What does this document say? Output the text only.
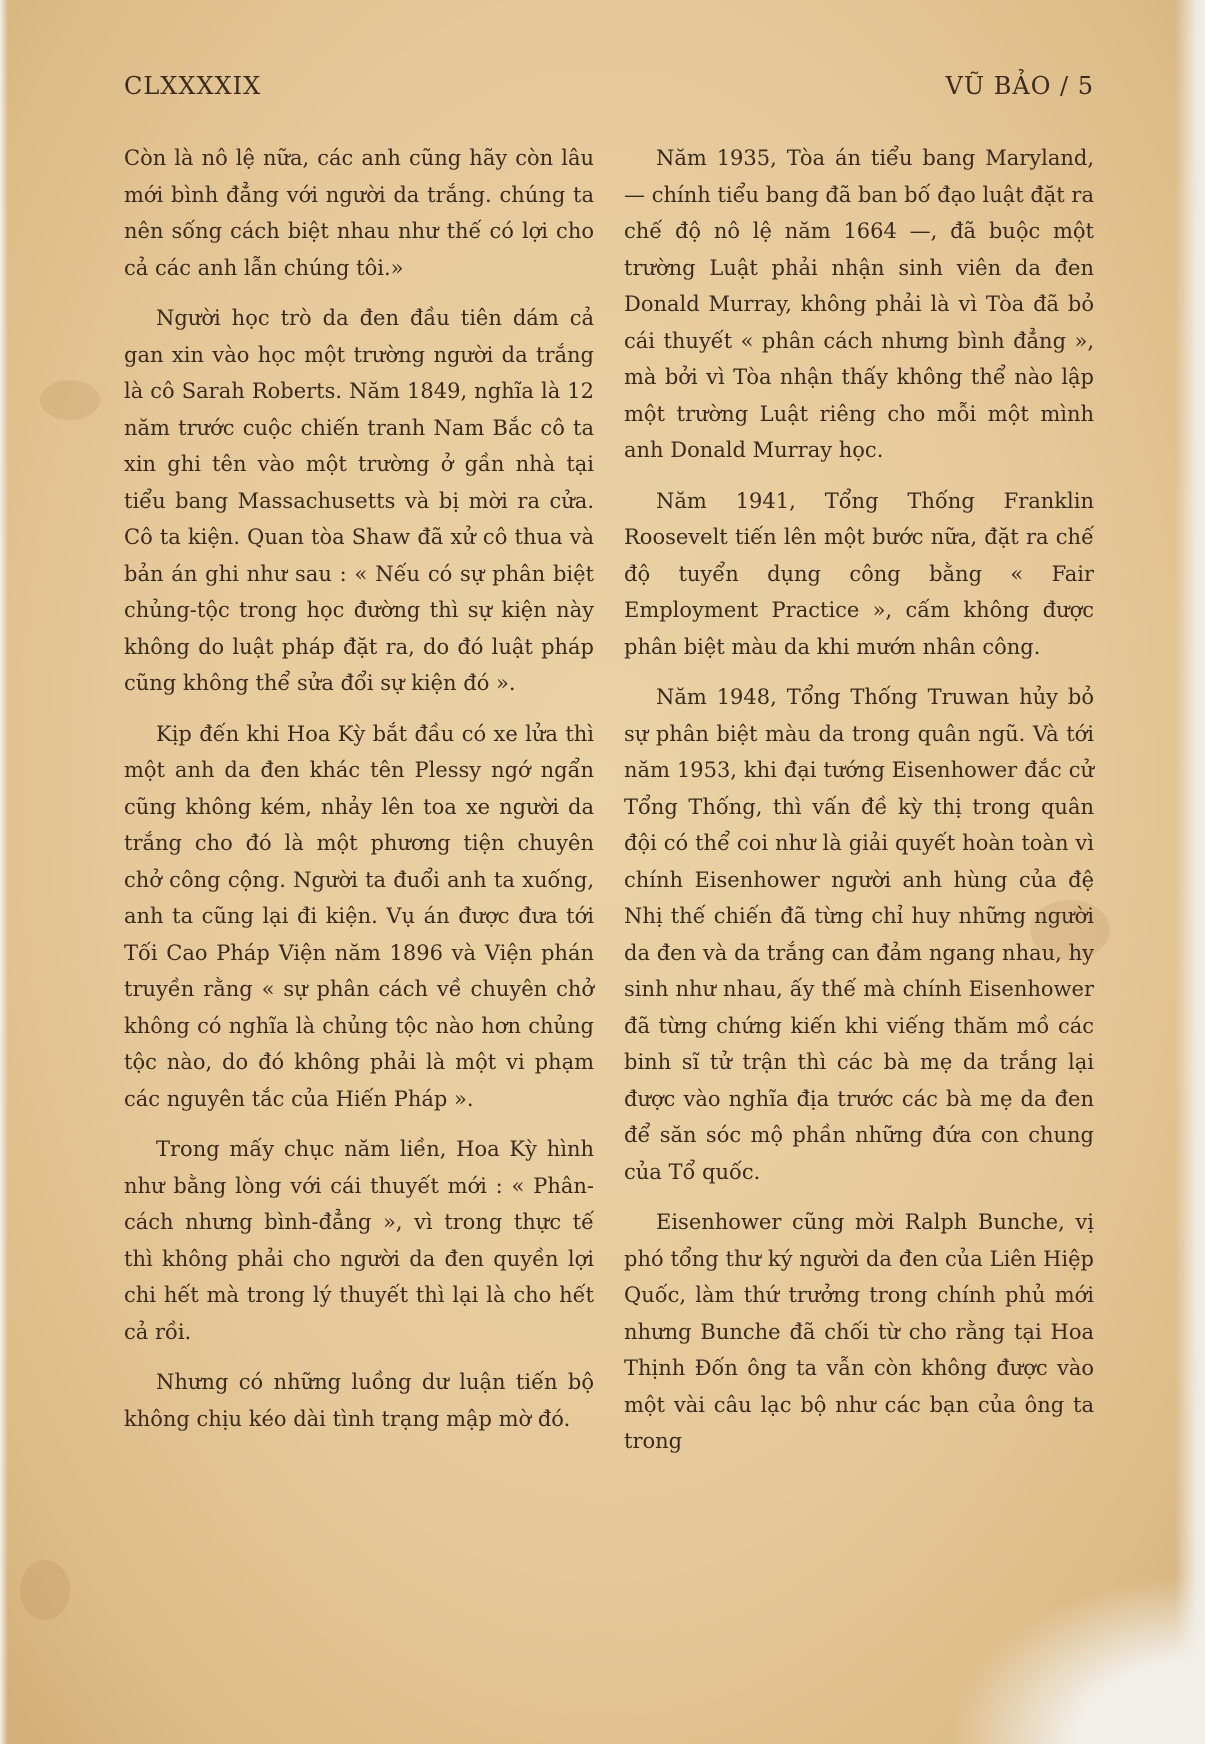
CLXXXXIX	VŨ BẢO / 5

Còn là nô lệ nữa, các anh cũng hãy còn lâu mới bình đẳng với người da trắng. chúng ta nên sống cách biệt nhau như thế có lợi cho cả các anh lẫn chúng tôi.»

Người học trò da đen đầu tiên dám cả gan xin vào học một trường người da trắng là cô Sarah Roberts. Năm 1849, nghĩa là 12 năm trước cuộc chiến tranh Nam Bắc cô ta xin ghi tên vào một trường ở gần nhà tại tiểu bang Massachusetts và bị mời ra cửa. Cô ta kiện. Quan tòa Shaw đã xử cô thua và bản án ghi như sau : « Nếu có sự phân biệt chủng-tộc trong học đường thì sự kiện này không do luật pháp đặt ra, do đó luật pháp cũng không thể sửa đổi sự kiện đó ».

Kịp đến khi Hoa Kỳ bắt đầu có xe lửa thì một anh da đen khác tên Plessy ngớ ngẩn cũng không kém, nhảy lên toa xe người da trắng cho đó là một phương tiện chuyên chở công cộng. Người ta đuổi anh ta xuống, anh ta cũng lại đi kiện. Vụ án được đưa tới Tối Cao Pháp Viện năm 1896 và Viện phán truyền rằng « sự phân cách về chuyên chở không có nghĩa là chủng tộc nào hơn chủng tộc nào, do đó không phải là một vi phạm các nguyên tắc của Hiến Pháp ».

Trong mấy chục năm liền, Hoa Kỳ hình như bằng lòng với cái thuyết mới : « Phân-cách nhưng bình-đẳng », vì trong thực tế thì không phải cho người da đen quyền lợi chi hết mà trong lý thuyết thì lại là cho hết cả rồi.

Nhưng có những luồng dư luận tiến bộ không chịu kéo dài tình trạng mập mờ đó.

Năm 1935, Tòa án tiểu bang Maryland, — chính tiểu bang đã ban bố đạo luật đặt ra chế độ nô lệ năm 1664 —, đã buộc một trường Luật phải nhận sinh viên da đen Donald Murray, không phải là vì Tòa đã bỏ cái thuyết « phân cách nhưng bình đẳng », mà bởi vì Tòa nhận thấy không thể nào lập một trường Luật riêng cho mỗi một mình anh Donald Murray học.

Năm 1941, Tổng Thống Franklin Roosevelt tiến lên một bước nữa, đặt ra chế độ tuyển dụng công bằng « Fair Employment Practice », cấm không được phân biệt màu da khi mướn nhân công.

Năm 1948, Tổng Thống Truwan hủy bỏ sự phân biệt màu da trong quân ngũ. Và tới năm 1953, khi đại tướng Eisenhower đắc cử Tổng Thống, thì vấn đề kỳ thị trong quân đội có thể coi như là giải quyết hoàn toàn vì chính Eisenhower người anh hùng của đệ Nhị thế chiến đã từng chỉ huy những người da đen và da trắng can đảm ngang nhau, hy sinh như nhau, ấy thế mà chính Eisenhower đã từng chứng kiến khi viếng thăm mồ các binh sĩ tử trận thì các bà mẹ da trắng lại được vào nghĩa địa trước các bà mẹ da đen để săn sóc mộ phần những đứa con chung của Tổ quốc.

Eisenhower cũng mời Ralph Bunche, vị phó tổng thư ký người da đen của Liên Hiệp Quốc, làm thứ trưởng trong chính phủ mới nhưng Bunche đã chối từ cho rằng tại Hoa Thịnh Đốn ông ta vẫn còn không được vào một vài câu lạc bộ như các bạn của ông ta trong
